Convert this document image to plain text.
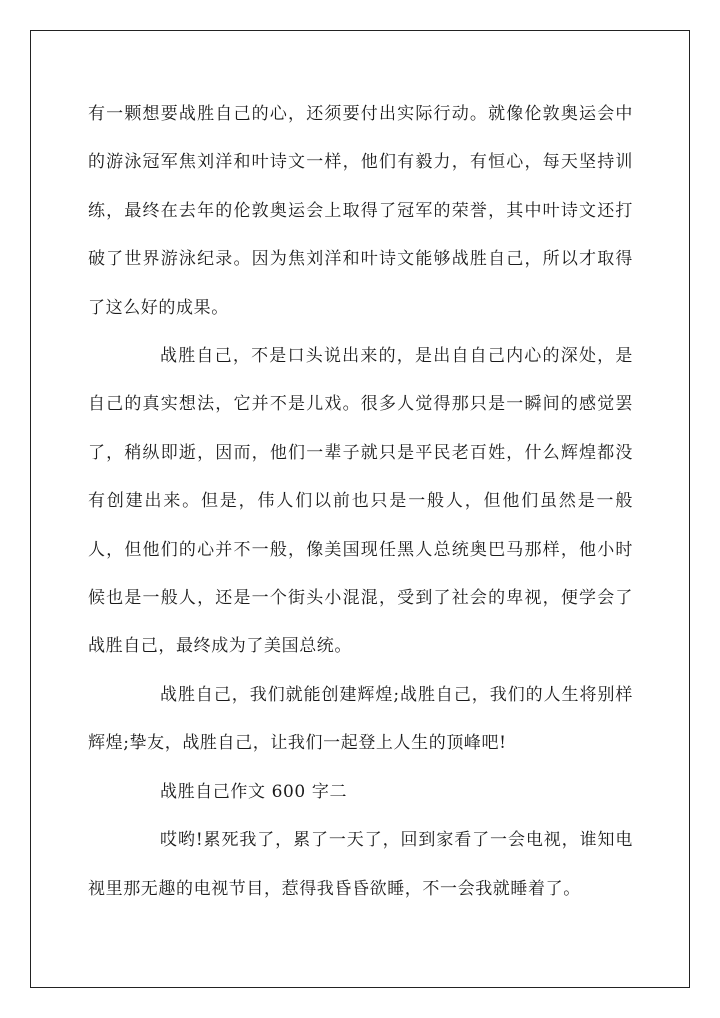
有一颗想要战胜自己的心，还须要付出实际行动。就像伦敦奥运会中的游泳冠军焦刘洋和叶诗文一样，他们有毅力，有恒心，每天坚持训练，最终在去年的伦敦奥运会上取得了冠军的荣誉，其中叶诗文还打破了世界游泳纪录。因为焦刘洋和叶诗文能够战胜自己，所以才取得了这么好的成果。

战胜自己，不是口头说出来的，是出自自己内心的深处，是自己的真实想法，它并不是儿戏。很多人觉得那只是一瞬间的感觉罢了，稍纵即逝，因而，他们一辈子就只是平民老百姓，什么辉煌都没有创建出来。但是，伟人们以前也只是一般人，但他们虽然是一般人，但他们的心并不一般，像美国现任黑人总统奥巴马那样，他小时候也是一般人，还是一个街头小混混，受到了社会的卑视，便学会了战胜自己，最终成为了美国总统。

战胜自己，我们就能创建辉煌;战胜自己，我们的人生将别样辉煌;挚友，战胜自己，让我们一起登上人生的顶峰吧!

战胜自己作文 600 字二

哎哟!累死我了，累了一天了，回到家看了一会电视，谁知电视里那无趣的电视节目，惹得我昏昏欲睡，不一会我就睡着了。
